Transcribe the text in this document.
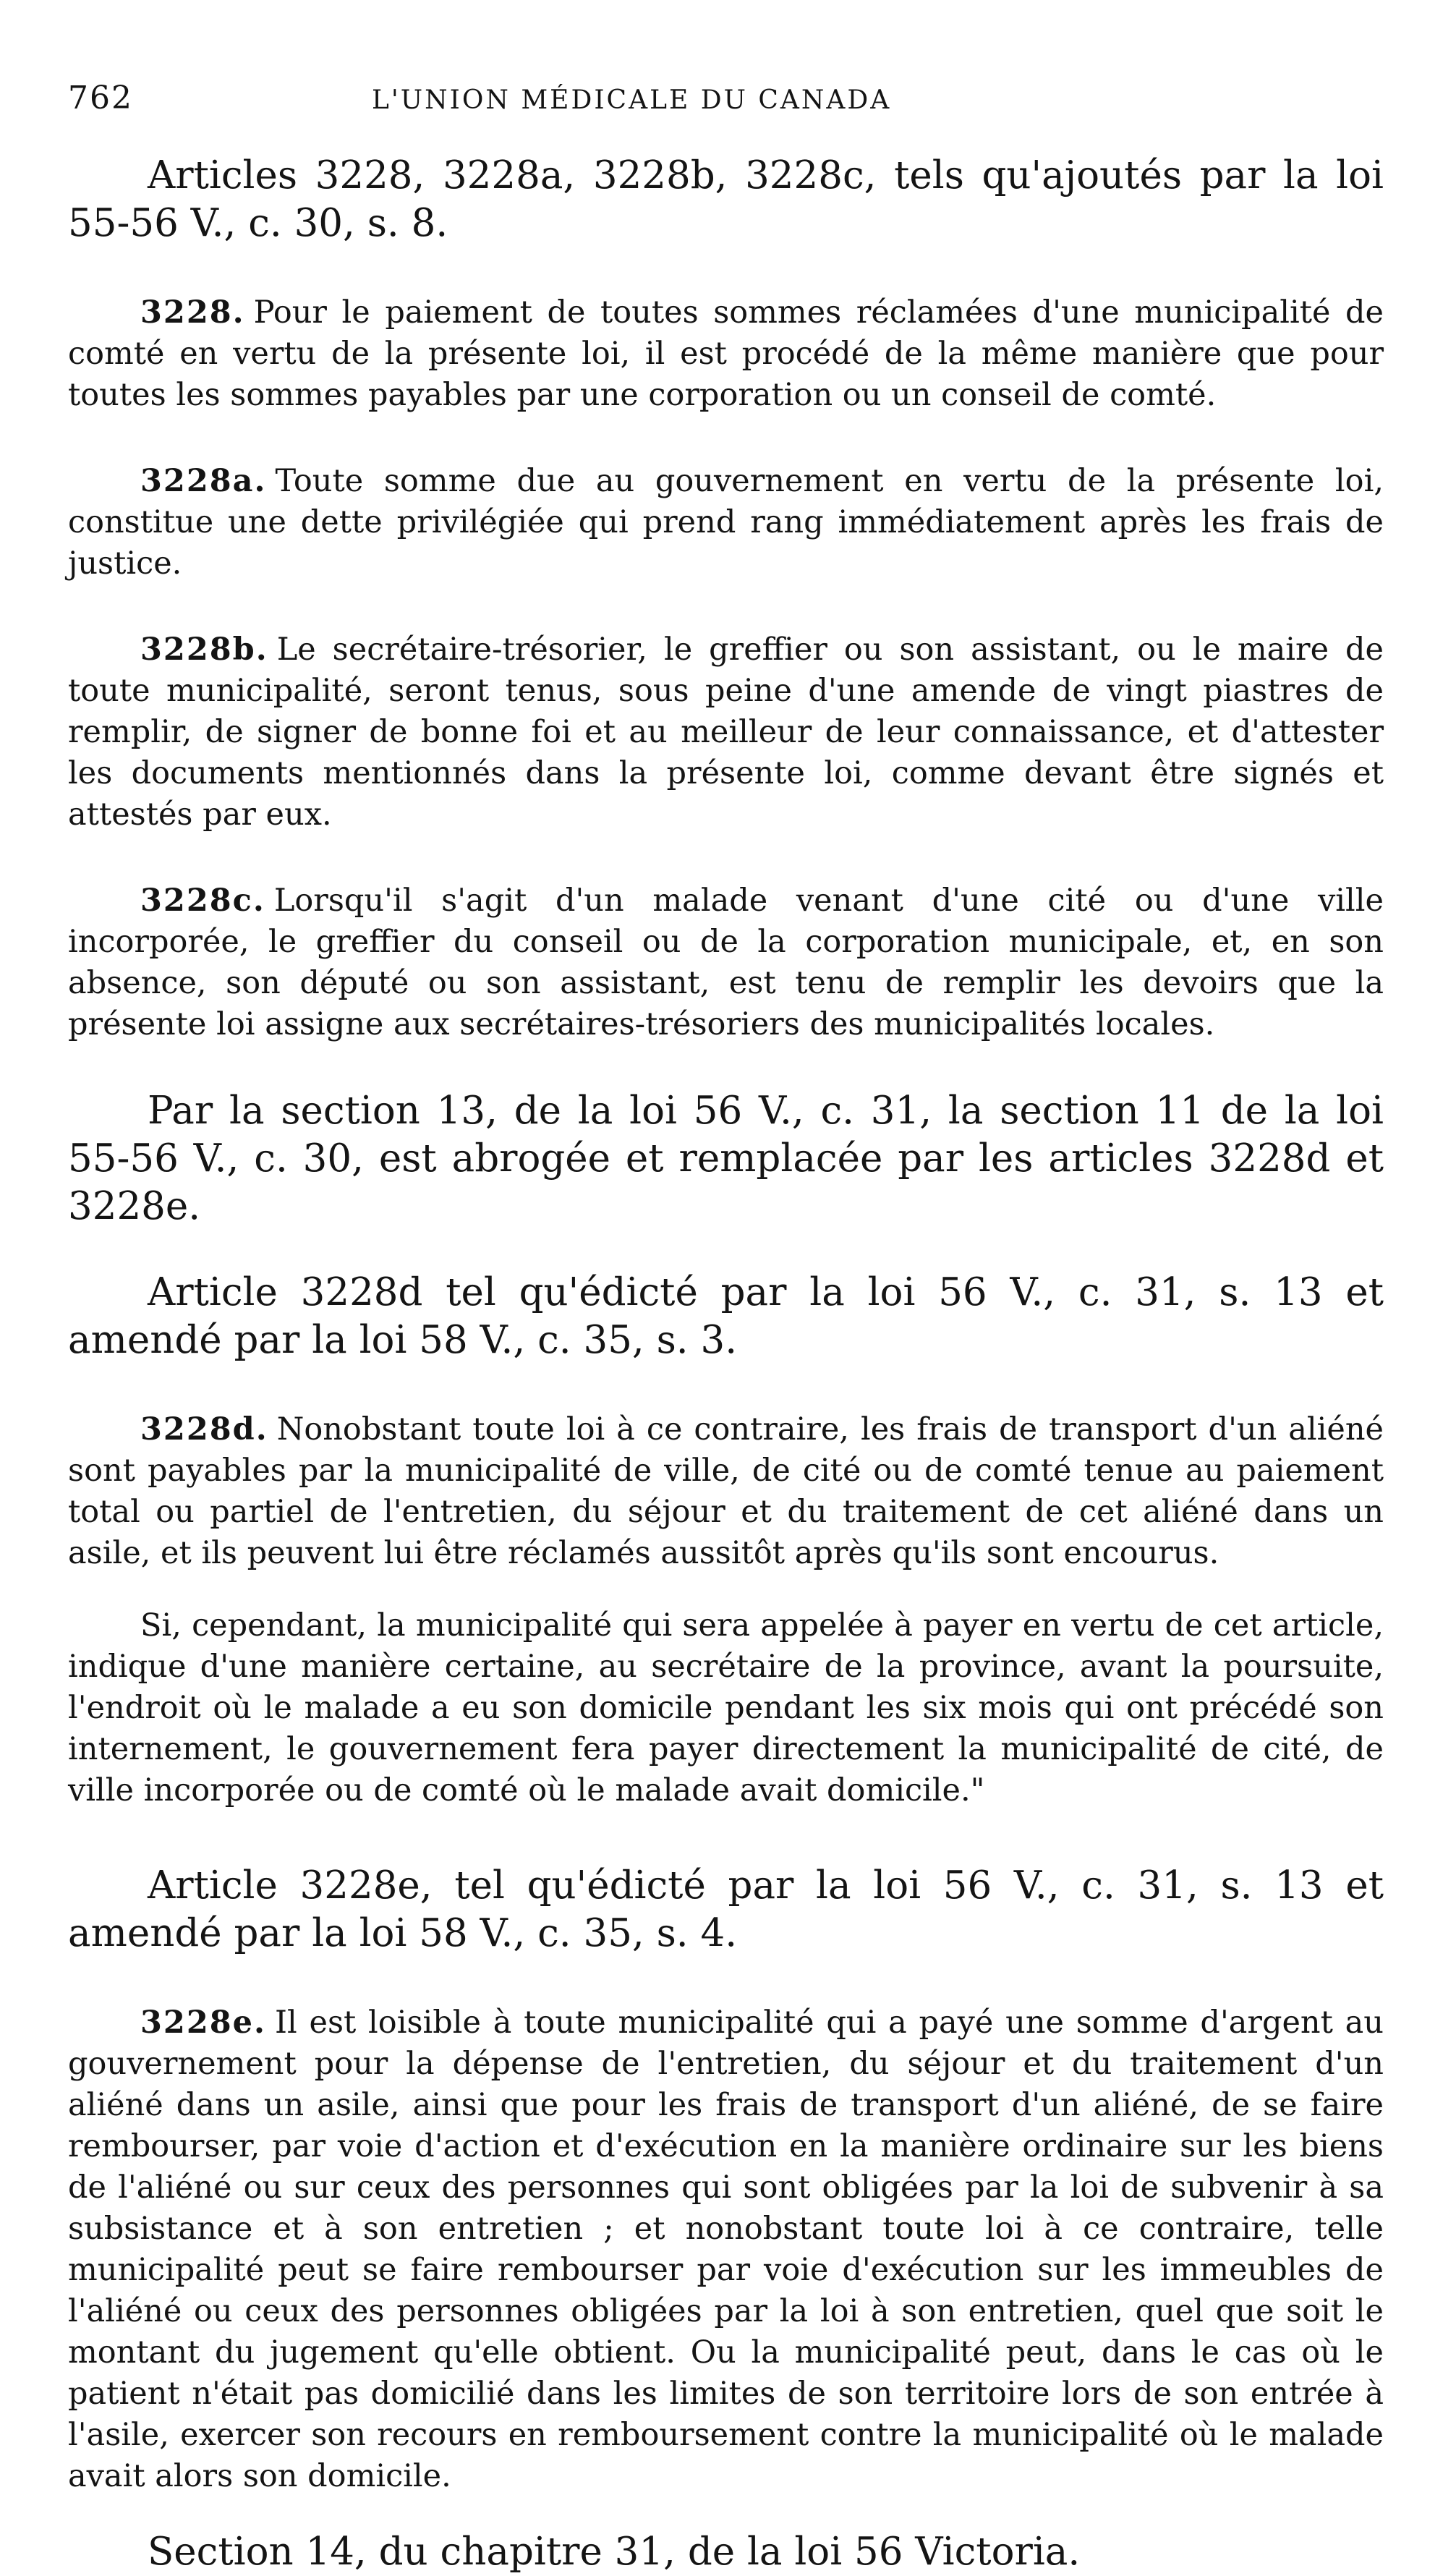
762	L'UNION MÉDICALE DU CANADA

Articles 3228, 3228a, 3228b, 3228c, tels qu'ajoutés par la loi 55-56 V., c. 30, s. 8.

3228. Pour le paiement de toutes sommes réclamées d'une municipalité de comté en vertu de la présente loi, il est procédé de la même manière que pour toutes les sommes payables par une corporation ou un conseil de comté.

3228a. Toute somme due au gouvernement en vertu de la présente loi, constitue une dette privilégiée qui prend rang immédiatement après les frais de justice.

3228b. Le secrétaire-trésorier, le greffier ou son assistant, ou le maire de toute municipalité, seront tenus, sous peine d'une amende de vingt piastres de remplir, de signer de bonne foi et au meilleur de leur connaissance, et d'attester les documents mentionnés dans la présente loi, comme devant être signés et attestés par eux.

3228c. Lorsqu'il s'agit d'un malade venant d'une cité ou d'une ville incorporée, le greffier du conseil ou de la corporation municipale, et, en son absence, son député ou son assistant, est tenu de remplir les devoirs que la présente loi assigne aux secrétaires-trésoriers des municipalités locales.

Par la section 13, de la loi 56 V., c. 31, la section 11 de la loi 55-56 V., c. 30, est abrogée et remplacée par les articles 3228d et 3228e.

Article 3228d tel qu'édicté par la loi 56 V., c. 31, s. 13 et amendé par la loi 58 V., c. 35, s. 3.

3228d. Nonobstant toute loi à ce contraire, les frais de transport d'un aliéné sont payables par la municipalité de ville, de cité ou de comté tenue au paiement total ou partiel de l'entretien, du séjour et du traitement de cet aliéné dans un asile, et ils peuvent lui être réclamés aussitôt après qu'ils sont encourus.

Si, cependant, la municipalité qui sera appelée à payer en vertu de cet article, indique d'une manière certaine, au secrétaire de la province, avant la poursuite, l'endroit où le malade a eu son domicile pendant les six mois qui ont précédé son internement, le gouvernement fera payer directement la municipalité de cité, de ville incorporée ou de comté où le malade avait domicile."

Article 3228e, tel qu'édicté par la loi 56 V., c. 31, s. 13 et amendé par la loi 58 V., c. 35, s. 4.

3228e. Il est loisible à toute municipalité qui a payé une somme d'argent au gouvernement pour la dépense de l'entretien, du séjour et du traitement d'un aliéné dans un asile, ainsi que pour les frais de transport d'un aliéné, de se faire rembourser, par voie d'action et d'exécution en la manière ordinaire sur les biens de l'aliéné ou sur ceux des personnes qui sont obligées par la loi de subvenir à sa subsistance et à son entretien ; et nonobstant toute loi à ce contraire, telle municipalité peut se faire rembourser par voie d'exécution sur les immeubles de l'aliéné ou ceux des personnes obligées par la loi à son entretien, quel que soit le montant du jugement qu'elle obtient. Ou la municipalité peut, dans le cas où le patient n'était pas domicilié dans les limites de son territoire lors de son entrée à l'asile, exercer son recours en remboursement contre la municipalité où le malade avait alors son domicile.

Section 14, du chapitre 31, de la loi 56 Victoria.
